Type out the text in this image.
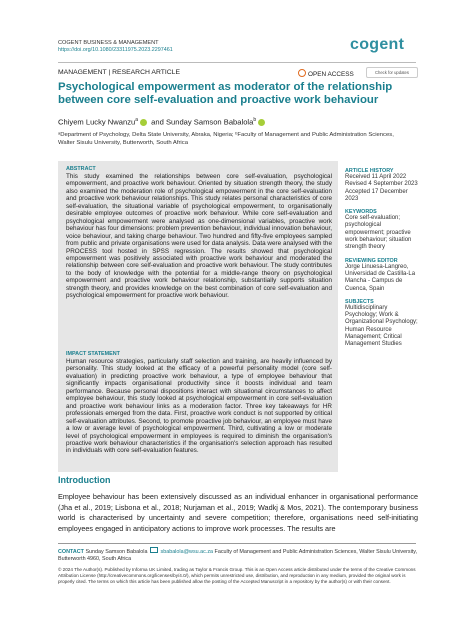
COGENT BUSINESS & MANAGEMENT
https://doi.org/10.1080/23311975.2023.2297461	cogent
MANAGEMENT | RESEARCH ARTICLE	OPEN ACCESS	Check for updates
Psychological empowerment as moderator of the relationship between core self-evaluation and proactive work behaviour
Chiyem Lucky Nwanzu$^a$ and Sunday Samson Babalola$^b$
ᵃDepartment of Psychology, Delta State University, Abraka, Nigeria; ᵇFaculty of Management and Public Administration Sciences, Walter Sisulu University, Butterworth, South Africa
ABSTRACT
This study examined the relationships between core self-evaluation, psychological empowerment, and proactive work behaviour. Oriented by situation strength theory, the study also examined the moderation role of psychological empowerment in the core self-evaluation and proactive work behaviour relationships. This study relates personal characteristics of core self-evaluation, the situational variable of psychological empowerment, to organisationally desirable employee outcomes of proactive work behaviour. While core self-evaluation and psychological empowerment were analysed as one-dimensional variables, proactive work behaviour has four dimensions: problem prevention behaviour, individual innovation behaviour, voice behaviour, and taking charge behaviour. Two hundred and fifty-five employees sampled from public and private organisations were used for data analysis. Data were analysed with the PROCESS tool hosted in SPSS regression. The results showed that psychological empowerment was positively associated with proactive work behaviour and moderated the relationship between core self-evaluation and proactive work behaviour. The study contributes to the body of knowledge with the potential for a middle-range theory on psychological empowerment and proactive work behaviour relationship, substantially supports situation strength theory, and provides knowledge on the best combination of core self-evaluation and psychological empowerment for proactive work behaviour.
IMPACT STATEMENT
Human resource strategies, particularly staff selection and training, are heavily influenced by personality. This study looked at the efficacy of a powerful personality model (core self-evaluation) in predicting proactive work behaviour, a type of employee behaviour that significantly impacts organisational productivity since it boosts individual and team performance. Because personal dispositions interact with situational circumstances to affect employee behaviour, this study looked at psychological empowerment in core self-evaluation and proactive work behaviour links as a moderation factor. Three key takeaways for HR professionals emerged from the data. First, proactive work conduct is not supported by critical self-evaluation attributes. Second, to promote proactive job behaviour, an employee must have a low or average level of psychological empowerment. Third, cultivating a low or moderate level of psychological empowerment in employees is required to diminish the organisation's proactive work behaviour characteristics if the organisation's selection approach has resulted in individuals with core self-evaluation features.
ARTICLE HISTORY
Received 11 April 2022 Revised 4 September 2023 Accepted 17 December 2023
KEYWORDS
Core self-evaluation; psychological empowerment; proactive work behaviour; situation strength theory
REVIEWING EDITOR
Jorge Linuesa-Langreo, Universidad de Castilla-La Mancha - Campus de Cuenca, Spain
SUBJECTS
Multidisciplinary Psychology; Work & Organizational Psychology; Human Resource Management; Critical Management Studies
Introduction
Employee behaviour has been extensively discussed as an individual enhancer in organisational performance (Jha et al., 2019; Lisbona et al., 2018; Nurjaman et al., 2019; Wadkj & Mos, 2021). The contemporary business world is characterised by uncertainty and severe competition; therefore, organisations need self-initiating employees engaged in anticipatory actions to improve work processes. The results are
CONTACT Sunday Samson Babalola sbabalola@wsu.ac.za Faculty of Management and Public Administration Sciences, Walter Sisulu University, Butterworth 4960, South Africa
© 2024 The Author(s). Published by Informa UK Limited, trading as Taylor & Francis Group. This is an Open Access article distributed under the terms of the Creative Commons Attribution License (http://creativecommons.org/licenses/by/4.0/), which permits unrestricted use, distribution, and reproduction in any medium, provided the original work is properly cited. The terms on which this article has been published allow the posting of the Accepted Manuscript in a repository by the author(s) or with their consent.
